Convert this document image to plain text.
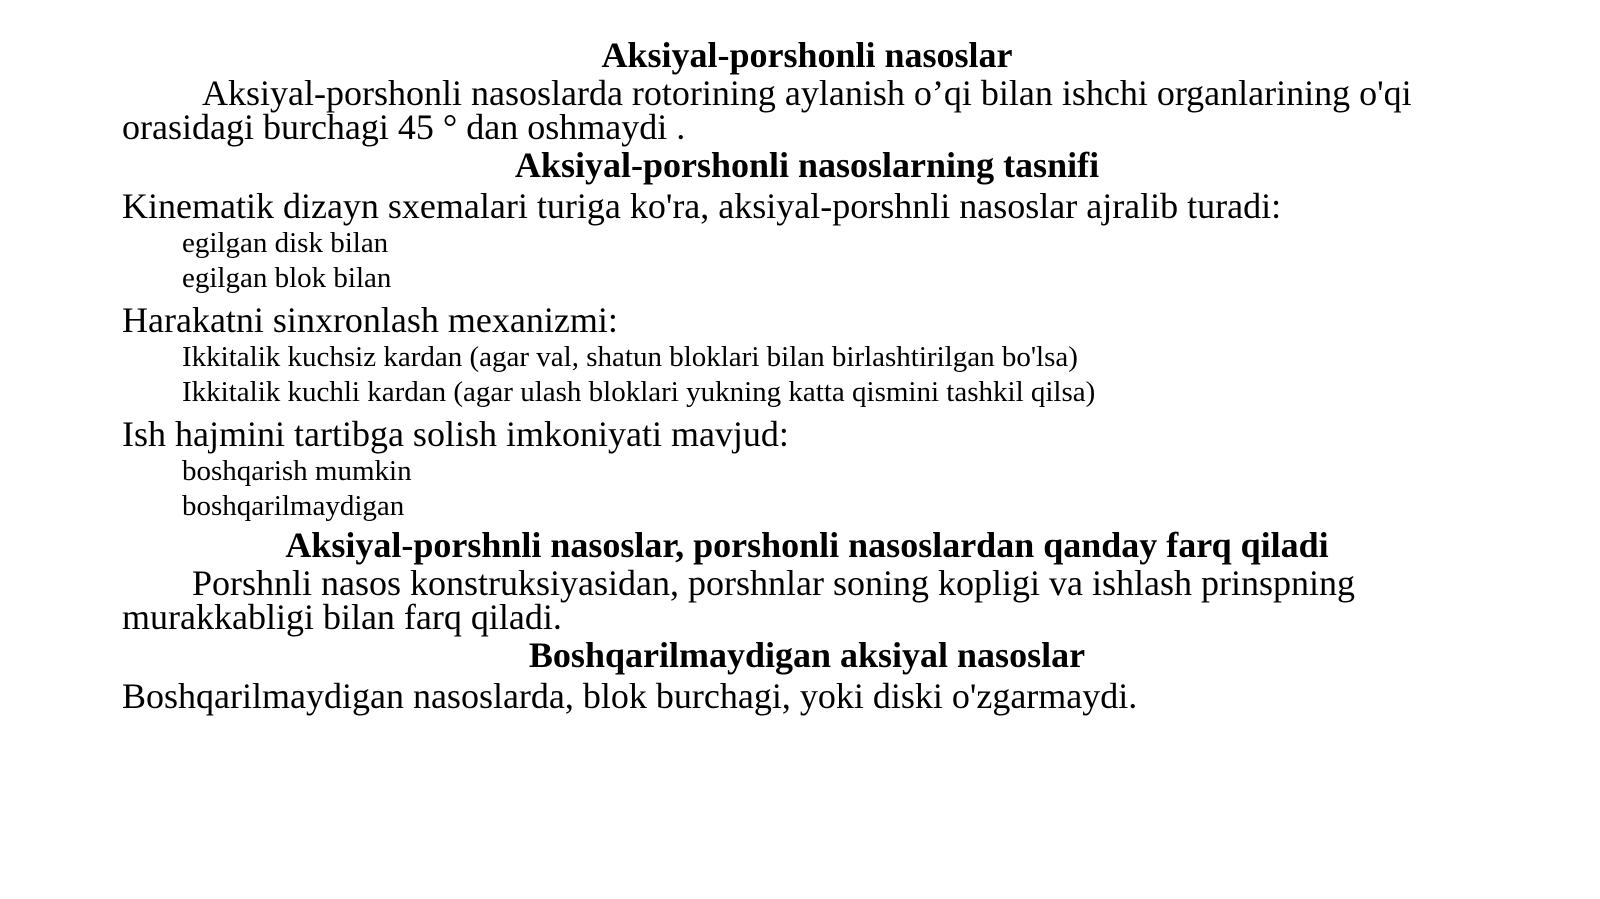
Aksiyal-porshonli nasoslar

Aksiyal-porshonli nasoslarda rotorining aylanish o’qi bilan ishchi organlarining o'qi orasidagi burchagi 45 ° dan oshmaydi .

Aksiyal-porshonli nasoslarning tasnifi

Kinematik dizayn sxemalari turiga ko'ra, aksiyal-porshnli nasoslar ajralib turadi:

egilgan disk bilan
egilgan blok bilan

Harakatni sinxronlash mexanizmi:

Ikkitalik kuchsiz kardan (agar val, shatun bloklari bilan birlashtirilgan bo'lsa)
Ikkitalik kuchli kardan (agar ulash bloklari yukning katta qismini tashkil qilsa)

Ish hajmini tartibga solish imkoniyati mavjud:

boshqarish mumkin
boshqarilmaydigan
Aksiyal-porshnli nasoslar, porshonli nasoslardan qanday farq qiladi

Porshnli nasos konstruksiyasidan, porshnlar soning kopligi va ishlash prinspning murakkabligi bilan farq qiladi.

Boshqarilmaydigan aksiyal nasoslar

Boshqarilmaydigan nasoslarda, blok burchagi, yoki diski o'zgarmaydi.
